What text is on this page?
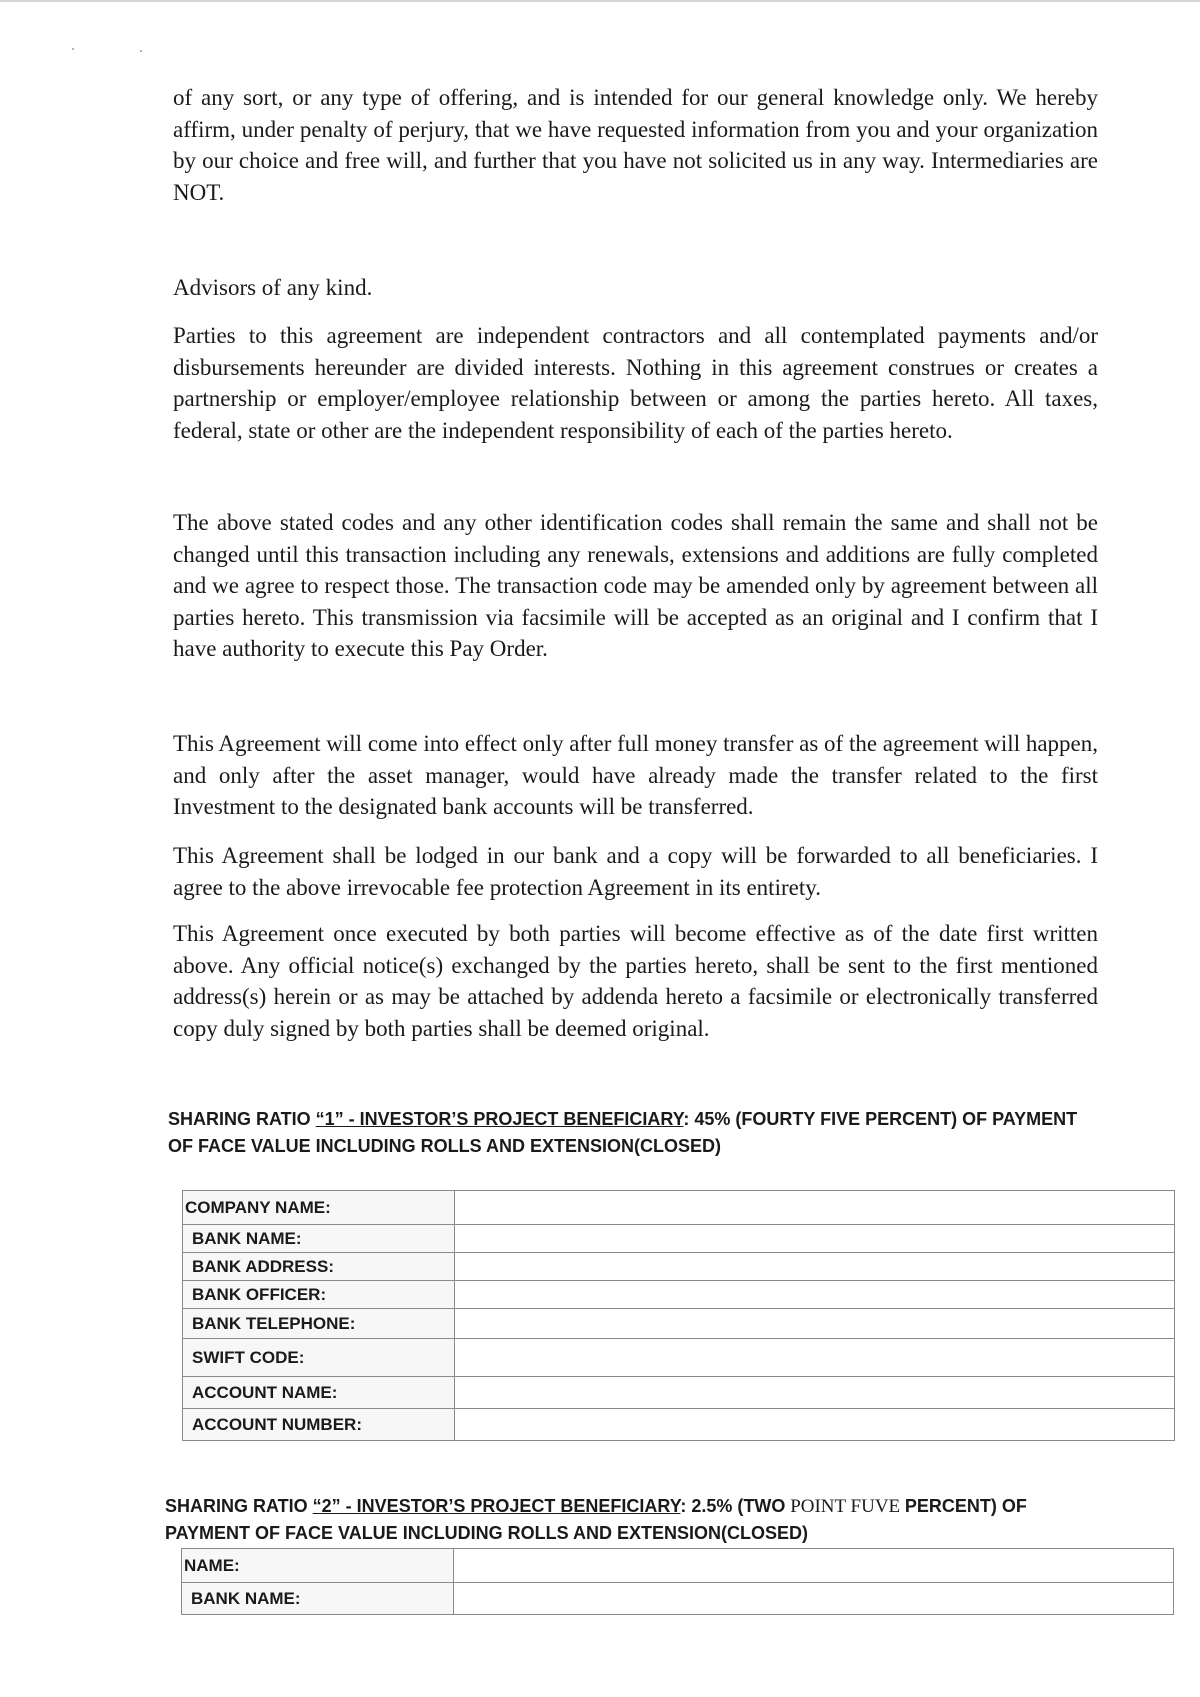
of any sort, or any type of offering, and is intended for our general knowledge only. We hereby affirm, under penalty of perjury, that we have requested information from you and your organization by our choice and free will, and further that you have not solicited us in any way. Intermediaries are NOT.

Advisors of any kind.

Parties to this agreement are independent contractors and all contemplated payments and/or disbursements hereunder are divided interests. Nothing in this agreement construes or creates a partnership or employer/employee relationship between or among the parties hereto. All taxes, federal, state or other are the independent responsibility of each of the parties hereto.

The above stated codes and any other identification codes shall remain the same and shall not be changed until this transaction including any renewals, extensions and additions are fully completed and we agree to respect those. The transaction code may be amended only by agreement between all parties hereto. This transmission via facsimile will be accepted as an original and I confirm that I have authority to execute this Pay Order.

This Agreement will come into effect only after full money transfer as of the agreement will happen, and only after the asset manager, would have already made the transfer related to the first Investment to the designated bank accounts will be transferred.

This Agreement shall be lodged in our bank and a copy will be forwarded to all beneficiaries. I agree to the above irrevocable fee protection Agreement in its entirety.

This Agreement once executed by both parties will become effective as of the date first written above. Any official notice(s) exchanged by the parties hereto, shall be sent to the first mentioned address(s) herein or as may be attached by addenda hereto a facsimile or electronically transferred copy duly signed by both parties shall be deemed original.

SHARING RATIO “1” - INVESTOR’S PROJECT BENEFICIARY: 45% (FOURTY FIVE PERCENT) OF PAYMENT OF FACE VALUE INCLUDING ROLLS AND EXTENSION(CLOSED)

COMPANY NAME:	
BANK NAME:	
BANK ADDRESS:	
BANK OFFICER:	
BANK TELEPHONE:	
SWIFT CODE:	
ACCOUNT NAME:	
ACCOUNT NUMBER:	

SHARING RATIO “2” - INVESTOR’S PROJECT BENEFICIARY: 2.5% (TWO POINT FUVE PERCENT) OF PAYMENT OF FACE VALUE INCLUDING ROLLS AND EXTENSION(CLOSED)

NAME:	
BANK NAME:	
